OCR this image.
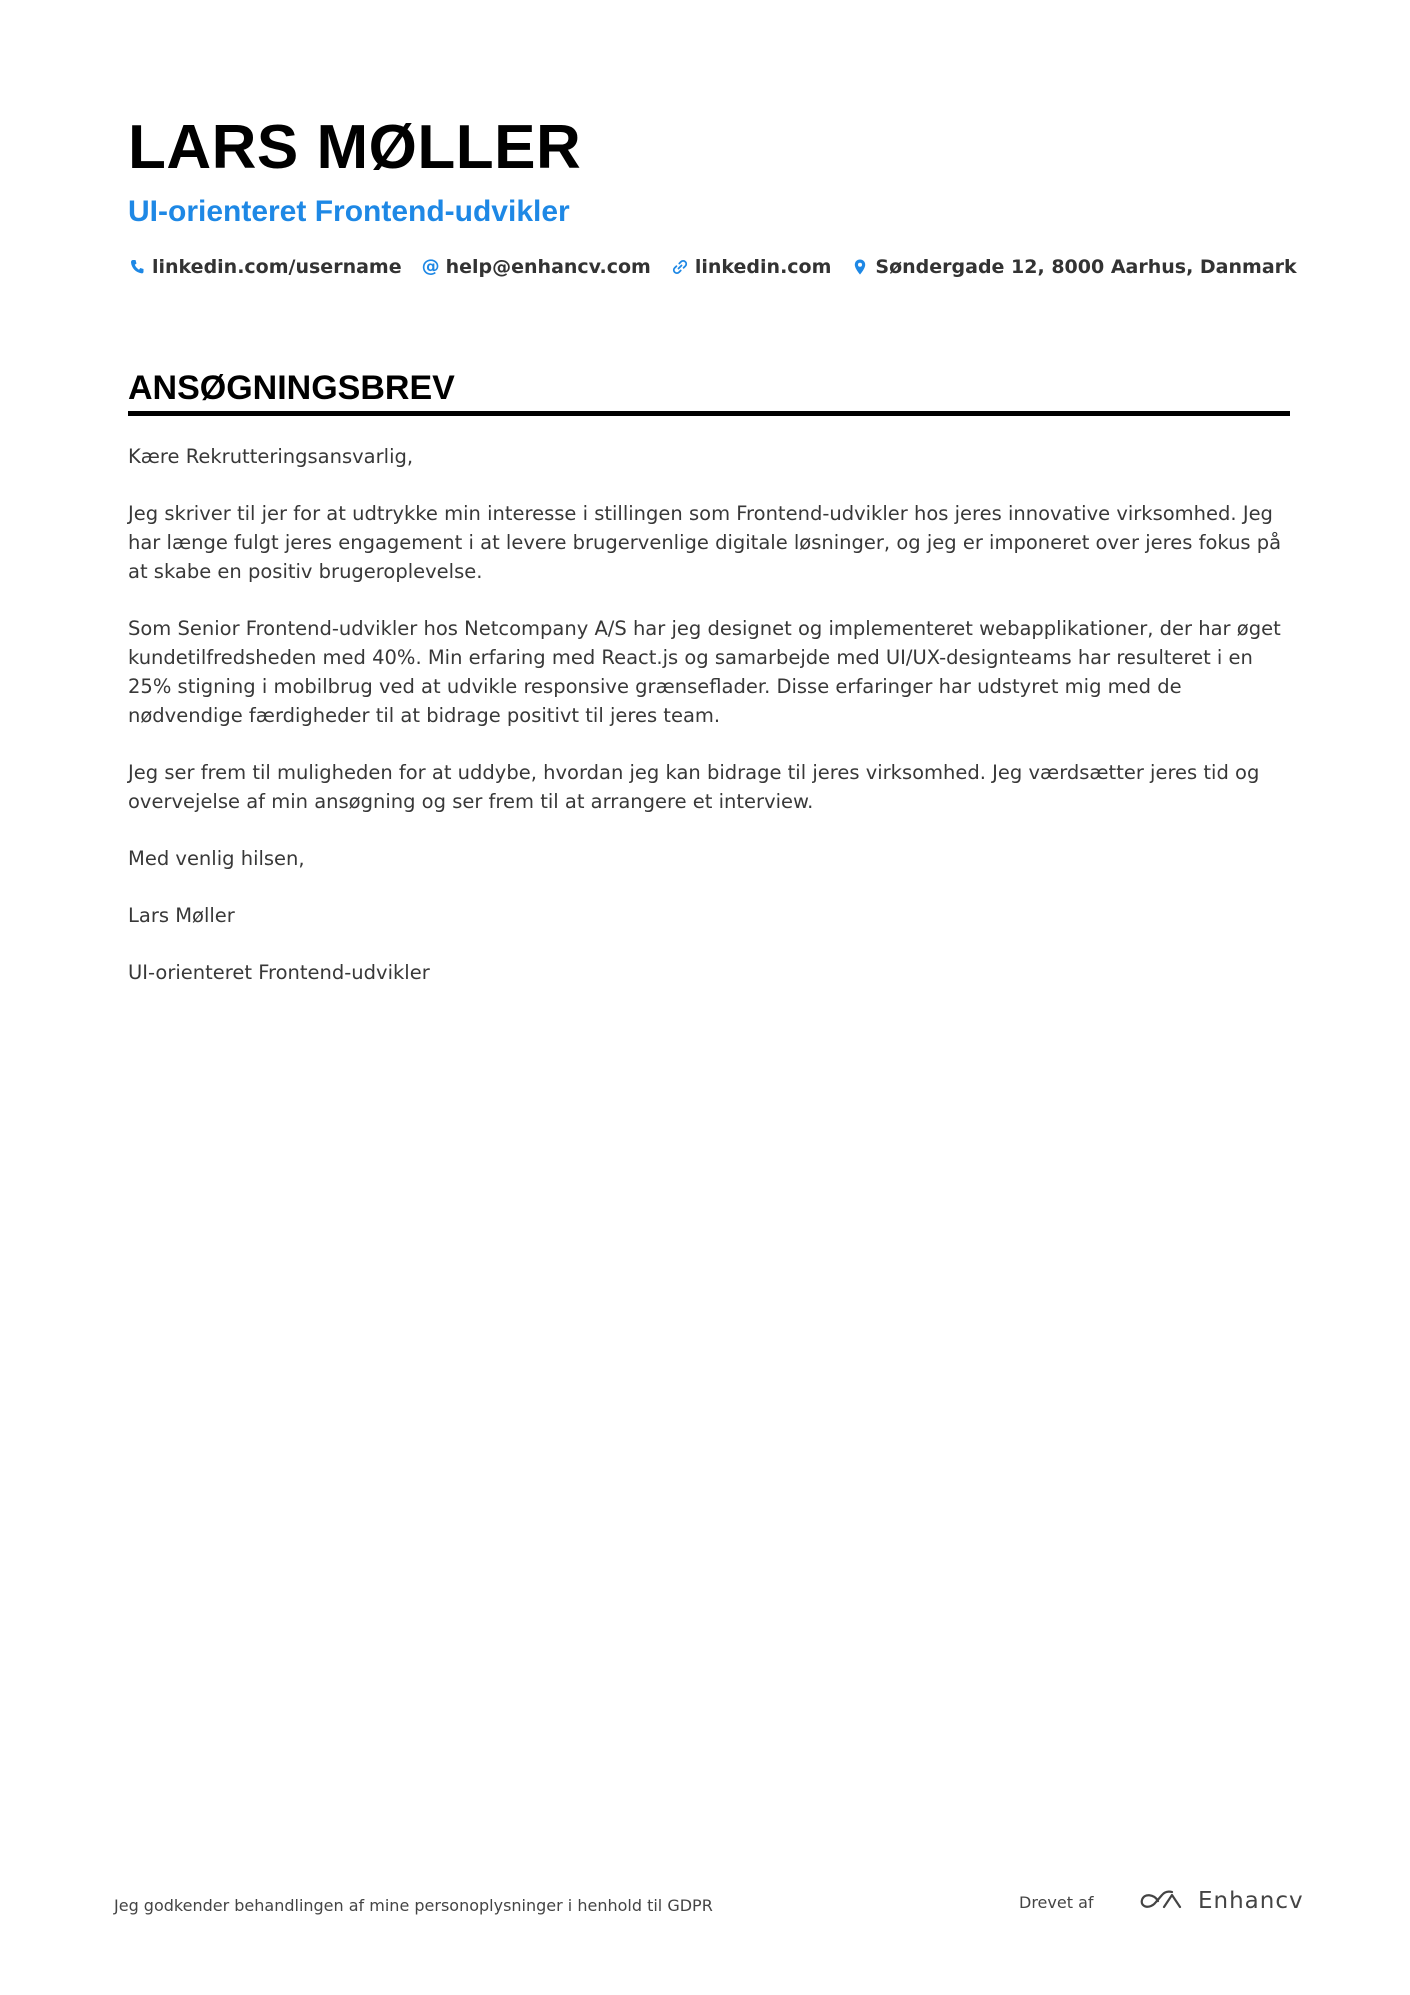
LARS MØLLER
UI-orienteret Frontend-udvikler
linkedin.com/username @ help@enhancv.com linkedin.com Søndergade 12, 8000 Aarhus, Danmark
ANSØGNINGSBREV

Kære Rekrutteringsansvarlig,

Jeg skriver til jer for at udtrykke min interesse i stillingen som Frontend-udvikler hos jeres innovative virksomhed. Jeg har længe fulgt jeres engagement i at levere brugervenlige digitale løsninger, og jeg er imponeret over jeres fokus på at skabe en positiv brugeroplevelse.

Som Senior Frontend-udvikler hos Netcompany A/S har jeg designet og implementeret webapplikationer, der har øget kundetilfredsheden med 40%. Min erfaring med React.js og samarbejde med UI/UX-designteams har resulteret i en 25% stigning i mobilbrug ved at udvikle responsive grænseflader. Disse erfaringer har udstyret mig med de nødvendige færdigheder til at bidrage positivt til jeres team.

Jeg ser frem til muligheden for at uddybe, hvordan jeg kan bidrage til jeres virksomhed. Jeg værdsætter jeres tid og overvejelse af min ansøgning og ser frem til at arrangere et interview.

Med venlig hilsen,

Lars Møller

UI-orienteret Frontend-udvikler

Jeg godkender behandlingen af mine personoplysninger i henhold til GDPR	Drevet af	Enhancv
